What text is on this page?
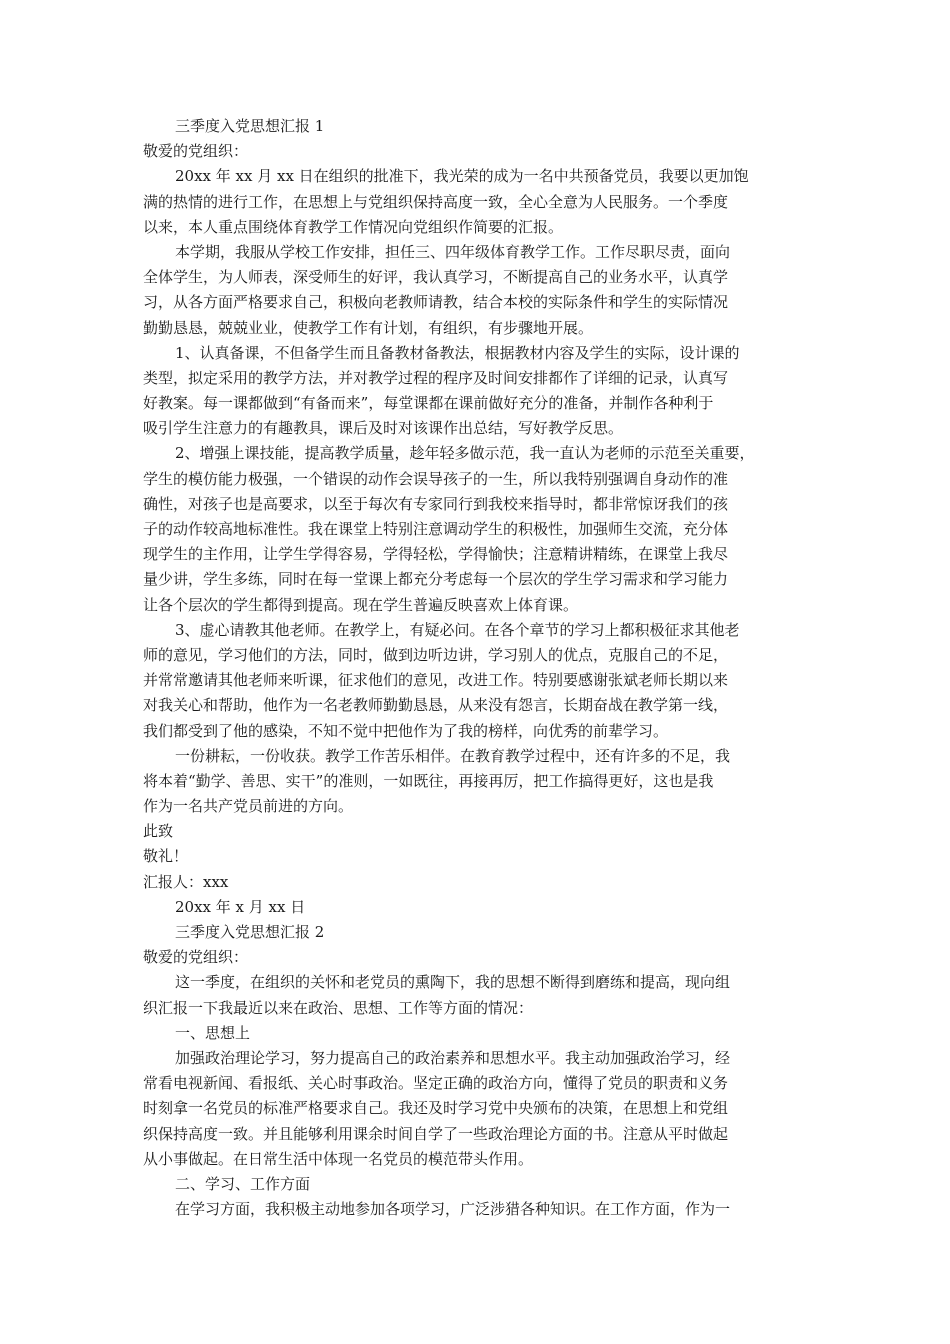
三季度入党思想汇报 1
敬爱的党组织：
20xx 年 xx 月 xx 日在组织的批准下，我光荣的成为一名中共预备党员，我要以更加饱
满的热情的进行工作，在思想上与党组织保持高度一致，全心全意为人民服务。一个季度
以来，本人重点围绕体育教学工作情况向党组织作简要的汇报。
本学期，我服从学校工作安排，担任三、四年级体育教学工作。工作尽职尽责，面向
全体学生，为人师表，深受师生的好评，我认真学习，不断提高自己的业务水平，认真学
习，从各方面严格要求自己，积极向老教师请教，结合本校的实际条件和学生的实际情况
勤勤恳恳，兢兢业业，使教学工作有计划，有组织，有步骤地开展。
1、认真备课，不但备学生而且备教材备教法，根据教材内容及学生的实际，设计课的
类型，拟定采用的教学方法，并对教学过程的程序及时间安排都作了详细的记录，认真写
好教案。每一课都做到“有备而来”，每堂课都在课前做好充分的准备，并制作各种利于
吸引学生注意力的有趣教具，课后及时对该课作出总结，写好教学反思。
2、增强上课技能，提高教学质量，趁年轻多做示范，我一直认为老师的示范至关重要，
学生的模仿能力极强，一个错误的动作会误导孩子的一生，所以我特别强调自身动作的准
确性，对孩子也是高要求，以至于每次有专家同行到我校来指导时，都非常惊讶我们的孩
子的动作较高地标准性。我在课堂上特别注意调动学生的积极性，加强师生交流，充分体
现学生的主作用，让学生学得容易，学得轻松，学得愉快；注意精讲精练，在课堂上我尽
量少讲，学生多练，同时在每一堂课上都充分考虑每一个层次的学生学习需求和学习能力
让各个层次的学生都得到提高。现在学生普遍反映喜欢上体育课。
3、虚心请教其他老师。在教学上，有疑必问。在各个章节的学习上都积极征求其他老
师的意见，学习他们的方法，同时，做到边听边讲，学习别人的优点，克服自己的不足，
并常常邀请其他老师来听课，征求他们的意见，改进工作。特别要感谢张斌老师长期以来
对我关心和帮助，他作为一名老教师勤勤恳恳，从来没有怨言，长期奋战在教学第一线，
我们都受到了他的感染，不知不觉中把他作为了我的榜样，向优秀的前辈学习。
一份耕耘，一份收获。教学工作苦乐相伴。在教育教学过程中，还有许多的不足，我
将本着“勤学、善思、实干”的准则，一如既往，再接再厉，把工作搞得更好，这也是我
作为一名共产党员前进的方向。
此致
敬礼！
汇报人：xxx
20xx 年 x 月 xx 日
三季度入党思想汇报 2
敬爱的党组织：
这一季度，在组织的关怀和老党员的熏陶下，我的思想不断得到磨练和提高，现向组
织汇报一下我最近以来在政治、思想、工作等方面的情况：
一、思想上
加强政治理论学习，努力提高自己的政治素养和思想水平。我主动加强政治学习，经
常看电视新闻、看报纸、关心时事政治。坚定正确的政治方向，懂得了党员的职责和义务
时刻拿一名党员的标准严格要求自己。我还及时学习党中央颁布的决策，在思想上和党组
织保持高度一致。并且能够利用课余时间自学了一些政治理论方面的书。注意从平时做起
从小事做起。在日常生活中体现一名党员的模范带头作用。
二、学习、工作方面
在学习方面，我积极主动地参加各项学习，广泛涉猎各种知识。在工作方面，作为一
